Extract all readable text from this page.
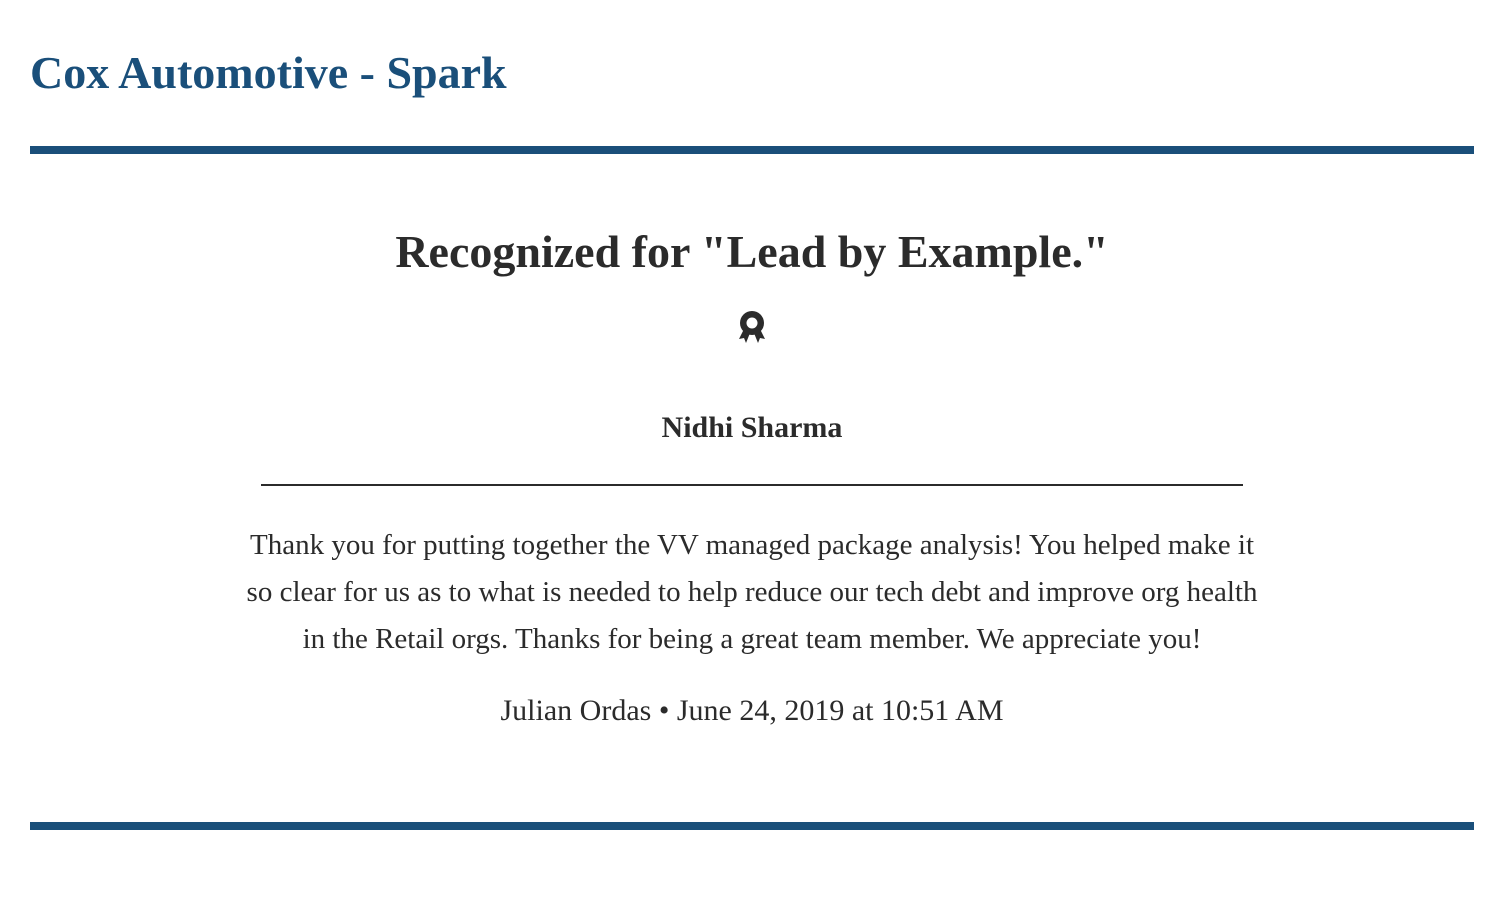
Cox Automotive - Spark
Recognized for "Lead by Example."
Nidhi Sharma

Thank you for putting together the VV managed package analysis! You helped make it so clear for us as to what is needed to help reduce our tech debt and improve org health in the Retail orgs. Thanks for being a great team member. We appreciate you!

Julian Ordas • June 24, 2019 at 10:51 AM
